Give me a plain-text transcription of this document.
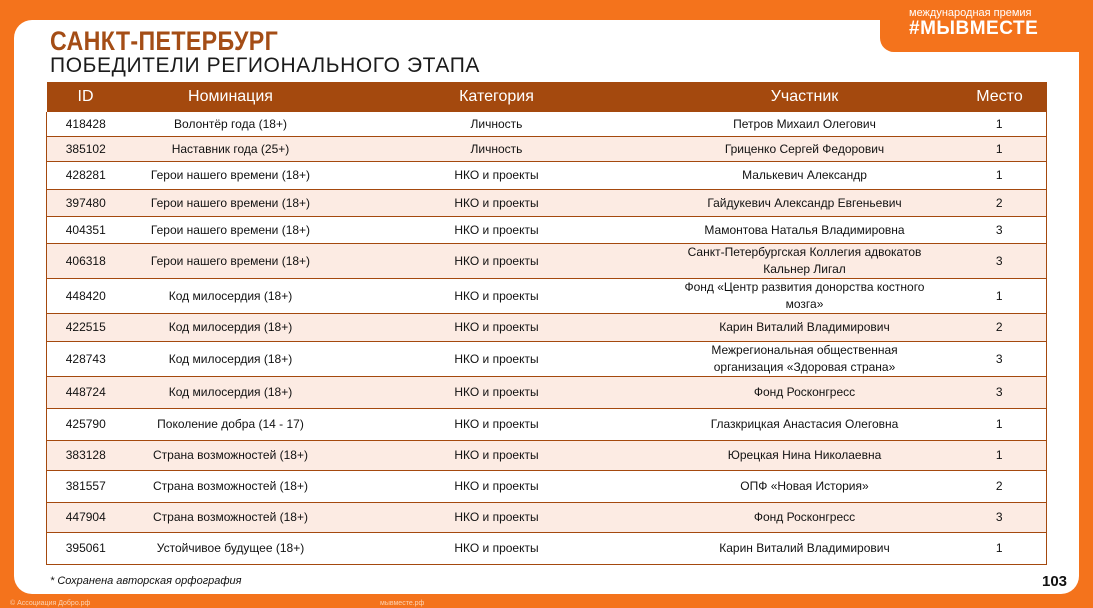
международная премия
#МЫВМЕСТЕ
САНКТ-ПЕТЕРБУРГ
ПОБЕДИТЕЛИ РЕГИОНАЛЬНОГО ЭТАПА
ID	Номинация	Категория	Участник	Место
418428	Волонтёр года (18+)	Личность	Петров Михаил Олегович	1
385102	Наставник года (25+)	Личность	Гриценко Сергей Федорович	1
428281	Герои нашего времени (18+)	НКО и проекты	Малькевич Александр	1
397480	Герои нашего времени (18+)	НКО и проекты	Гайдукевич Александр Евгеньевич	2
404351	Герои нашего времени (18+)	НКО и проекты	Мамонтова Наталья Владимировна	3
406318	Герои нашего времени (18+)	НКО и проекты	Санкт-Петербургская Коллегия адвокатов Кальнер Лигал	3
448420	Код милосердия (18+)	НКО и проекты	Фонд «Центр развития донорства костного мозга»	1
422515	Код милосердия (18+)	НКО и проекты	Карин Виталий Владимирович	2
428743	Код милосердия (18+)	НКО и проекты	Межрегиональная общественная организация «Здоровая страна»	3
448724	Код милосердия (18+)	НКО и проекты	Фонд Росконгресс	3
425790	Поколение добра (14 - 17)	НКО и проекты	Глазкрицкая Анастасия Олеговна	1
383128	Страна возможностей (18+)	НКО и проекты	Юрецкая Нина Николаевна	1
381557	Страна возможностей (18+)	НКО и проекты	ОПФ «Новая История»	2
447904	Страна возможностей (18+)	НКО и проекты	Фонд Росконгресс	3
395061	Устойчивое будущее (18+)	НКО и проекты	Карин Виталий Владимирович	1
* Сохранена авторская орфография	103
© Ассоциация Добро.рф	мывместе.рф
